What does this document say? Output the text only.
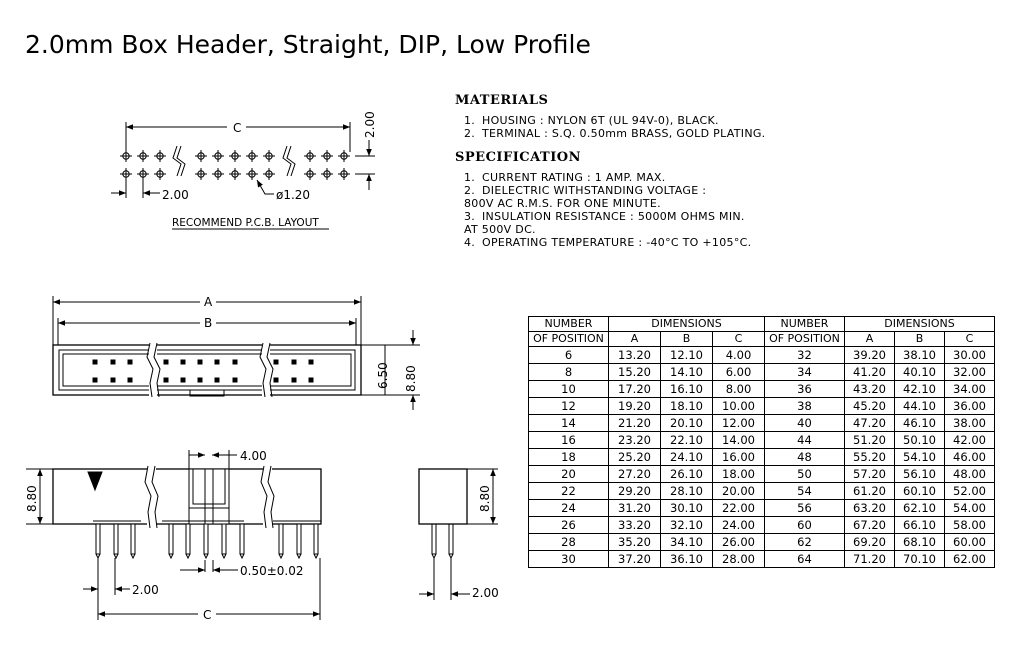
2.0mm Box Header, Straight, DIP, Low Profile
MATERIALS
1. HOUSING : NYLON 6T (UL 94V-0), BLACK.
2. TERMINAL : S.Q. 0.50mm BRASS, GOLD PLATING.
SPECIFICATION
1. CURRENT RATING : 1 AMP. MAX.
2. DIELECTRIC WITHSTANDING VOLTAGE :
800V AC R.M.S. FOR ONE MINUTE.
3. INSULATION RESISTANCE : 5000M OHMS MIN.
AT 500V DC.
4. OPERATING TEMPERATURE : -40°C TO +105°C.
C	2.00
2.00	ø1.20
RECOMMEND P.C.B. LAYOUT
A
B
6.50 8.80
8.80
4.00
0.50±0.02
2.00
C
8.80
2.00
NUMBER	DIMENSIONS			NUMBER	DIMENSIONS		
OF POSITION	A	B	C	OF POSITION	A	B	C
6	13.20	12.10	4.00	32	39.20	38.10	30.00
8	15.20	14.10	6.00	34	41.20	40.10	32.00
10	17.20	16.10	8.00	36	43.20	42.10	34.00
12	19.20	18.10	10.00	38	45.20	44.10	36.00
14	21.20	20.10	12.00	40	47.20	46.10	38.00
16	23.20	22.10	14.00	44	51.20	50.10	42.00
18	25.20	24.10	16.00	48	55.20	54.10	46.00
20	27.20	26.10	18.00	50	57.20	56.10	48.00
22	29.20	28.10	20.00	54	61.20	60.10	52.00
24	31.20	30.10	22.00	56	63.20	62.10	54.00
26	33.20	32.10	24.00	60	67.20	66.10	58.00
28	35.20	34.10	26.00	62	69.20	68.10	60.00
30	37.20	36.10	28.00	64	71.20	70.10	62.00
